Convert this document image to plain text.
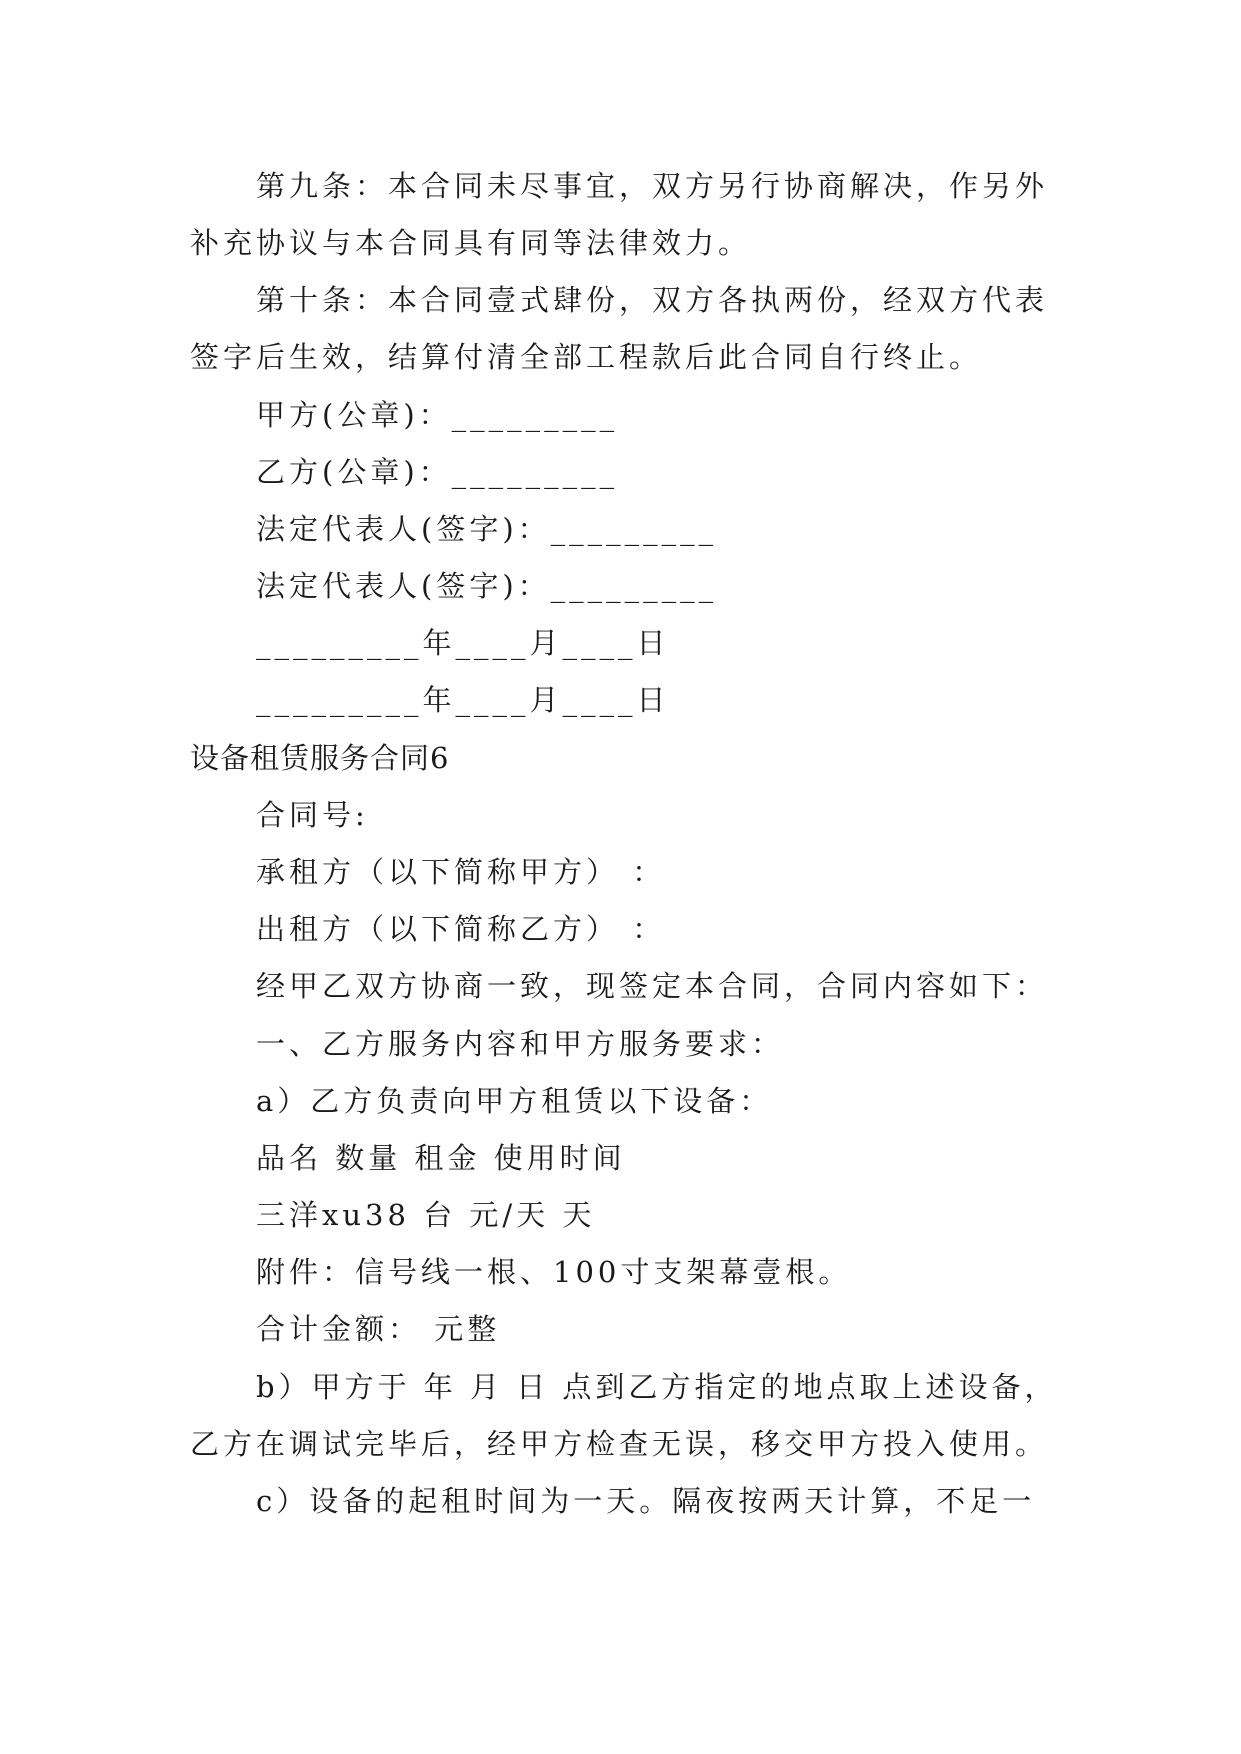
第九条：本合同未尽事宜，双方另行协商解决，作另外
补充协议与本合同具有同等法律效力。
第十条：本合同壹式肆份，双方各执两份，经双方代表
签字后生效，结算付清全部工程款后此合同自行终止。
甲方(公章)：_________
乙方(公章)：_________
法定代表人(签字)：_________
法定代表人(签字)：_________
_________年____月____日
_________年____月____日
设备租赁服务合同6
合同号:
承租方（以下简称甲方） ：
出租方（以下简称乙方） ：
经甲乙双方协商一致，现签定本合同，合同内容如下：
一、乙方服务内容和甲方服务要求：
a）乙方负责向甲方租赁以下设备：
品名 数量 租金 使用时间
三洋xu38 台 元/天 天
附件：信号线一根、100寸支架幕壹根。
合计金额： 元整
b）甲方于 年 月 日 点到乙方指定的地点取上述设备，
乙方在调试完毕后，经甲方检查无误，移交甲方投入使用。
c）设备的起租时间为一天。隔夜按两天计算，不足一
